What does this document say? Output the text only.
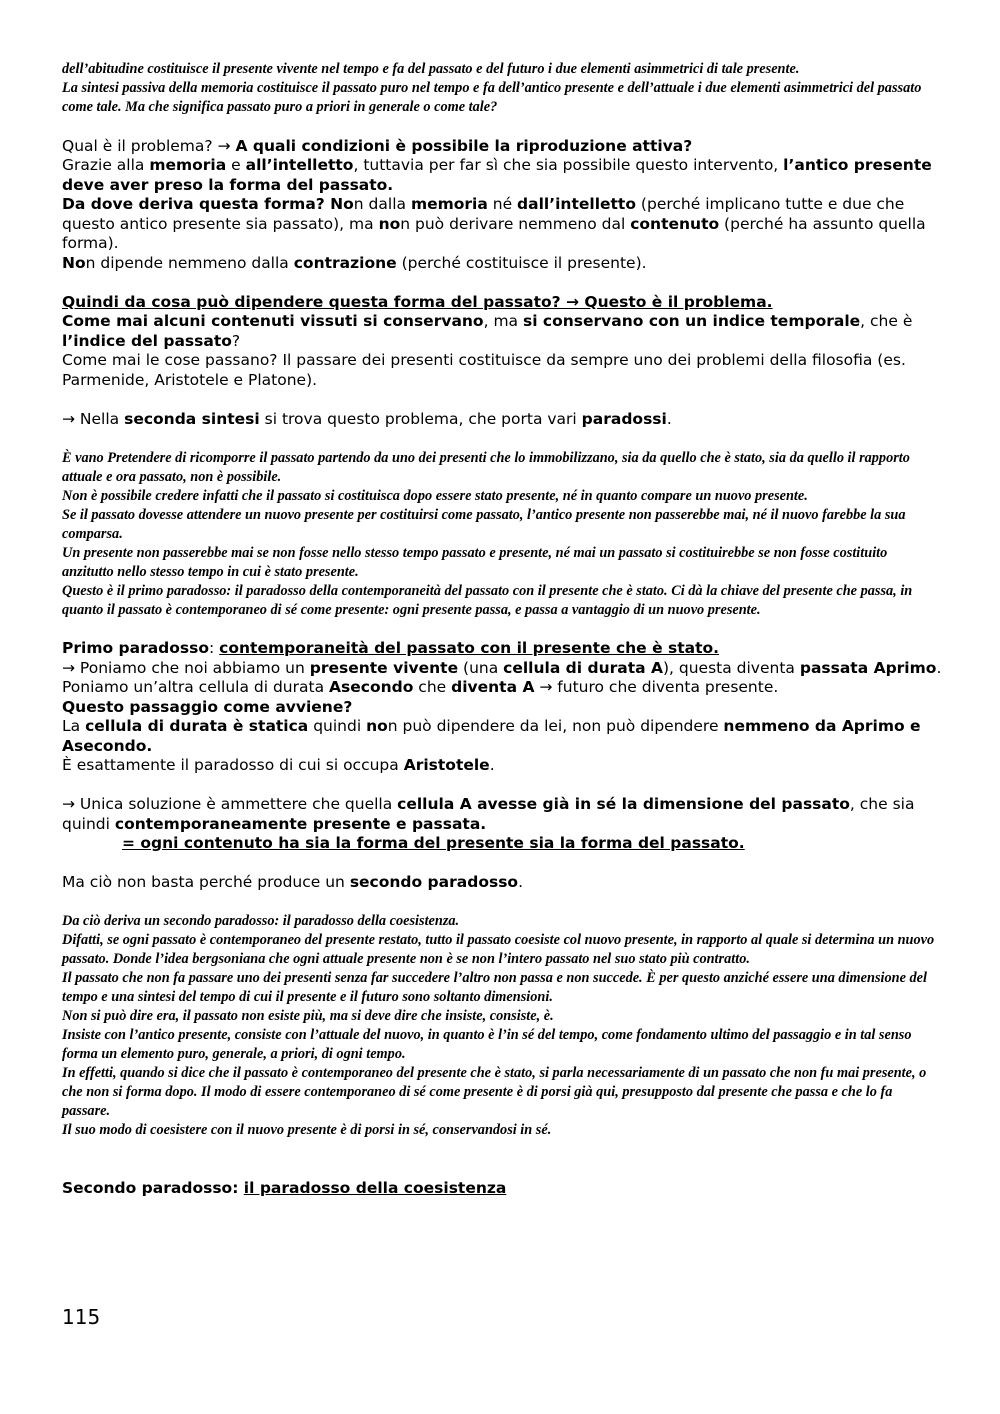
dell’abitudine costituisce il presente vivente nel tempo e fa del passato e del futuro i due elementi asimmetrici di tale presente.

La sintesi passiva della memoria costituisce il passato puro nel tempo e fa dell’antico presente e dell’attuale i due elementi asimmetrici del passato come tale. Ma che significa passato puro a priori in generale o come tale?

Qual è il problema? → A quali condizioni è possibile la riproduzione attiva?

Grazie alla memoria e all’intelletto, tuttavia per far sì che sia possibile questo intervento, l’antico presente deve aver preso la forma del passato.

Da dove deriva questa forma? Non dalla memoria né dall’intelletto (perché implicano tutte e due che questo antico presente sia passato), ma non può derivare nemmeno dal contenuto (perché ha assunto quella forma).

Non dipende nemmeno dalla contrazione (perché costituisce il presente).

Quindi da cosa può dipendere questa forma del passato? → Questo è il problema.

Come mai alcuni contenuti vissuti si conservano, ma si conservano con un indice temporale, che è l’indice del passato?

Come mai le cose passano? Il passare dei presenti costituisce da sempre uno dei problemi della filosofia (es. Parmenide, Aristotele e Platone).

→ Nella seconda sintesi si trova questo problema, che porta vari paradossi.

È vano Pretendere di ricomporre il passato partendo da uno dei presenti che lo immobilizzano, sia da quello che è stato, sia da quello il rapporto attuale e ora passato, non è possibile.

Non è possibile credere infatti che il passato si costituisca dopo essere stato presente, né in quanto compare un nuovo presente.

Se il passato dovesse attendere un nuovo presente per costituirsi come passato, l’antico presente non passerebbe mai, né il nuovo farebbe la sua comparsa.

Un presente non passerebbe mai se non fosse nello stesso tempo passato e presente, né mai un passato si costituirebbe se non fosse costituito anzitutto nello stesso tempo in cui è stato presente.

Questo è il primo paradosso: il paradosso della contemporaneità del passato con il presente che è stato. Ci dà la chiave del presente che passa, in quanto il passato è contemporaneo di sé come presente: ogni presente passa, e passa a vantaggio di un nuovo presente.

Primo paradosso: contemporaneità del passato con il presente che è stato.

→ Poniamo che noi abbiamo un presente vivente (una cellula di durata A), questa diventa passata Aprimo.

Poniamo un’altra cellula di durata Asecondo che diventa A → futuro che diventa presente.

Questo passaggio come avviene?

La cellula di durata è statica quindi non può dipendere da lei, non può dipendere nemmeno da Aprimo e Asecondo.

È esattamente il paradosso di cui si occupa Aristotele.

→ Unica soluzione è ammettere che quella cellula A avesse già in sé la dimensione del passato, che sia quindi contemporaneamente presente e passata.

= ogni contenuto ha sia la forma del presente sia la forma del passato.

Ma ciò non basta perché produce un secondo paradosso.

Da ciò deriva un secondo paradosso: il paradosso della coesistenza.

Difatti, se ogni passato è contemporaneo del presente restato, tutto il passato coesiste col nuovo presente, in rapporto al quale si determina un nuovo passato. Donde l’idea bergsoniana che ogni attuale presente non è se non l’intero passato nel suo stato più contratto.

Il passato che non fa passare uno dei presenti senza far succedere l’altro non passa e non succede. È per questo anziché essere una dimensione del tempo e una sintesi del tempo di cui il presente e il futuro sono soltanto dimensioni.

Non si può dire era, il passato non esiste più, ma si deve dire che insiste, consiste, è.

Insiste con l’antico presente, consiste con l’attuale del nuovo, in quanto è l’in sé del tempo, come fondamento ultimo del passaggio e in tal senso forma un elemento puro, generale, a priori, di ogni tempo.

In effetti, quando si dice che il passato è contemporaneo del presente che è stato, si parla necessariamente di un passato che non fu mai presente, o che non si forma dopo. Il modo di essere contemporaneo di sé come presente è di porsi già qui, presupposto dal presente che passa e che lo fa passare.

Il suo modo di coesistere con il nuovo presente è di porsi in sé, conservandosi in sé.

Secondo paradosso: il paradosso della coesistenza

115
